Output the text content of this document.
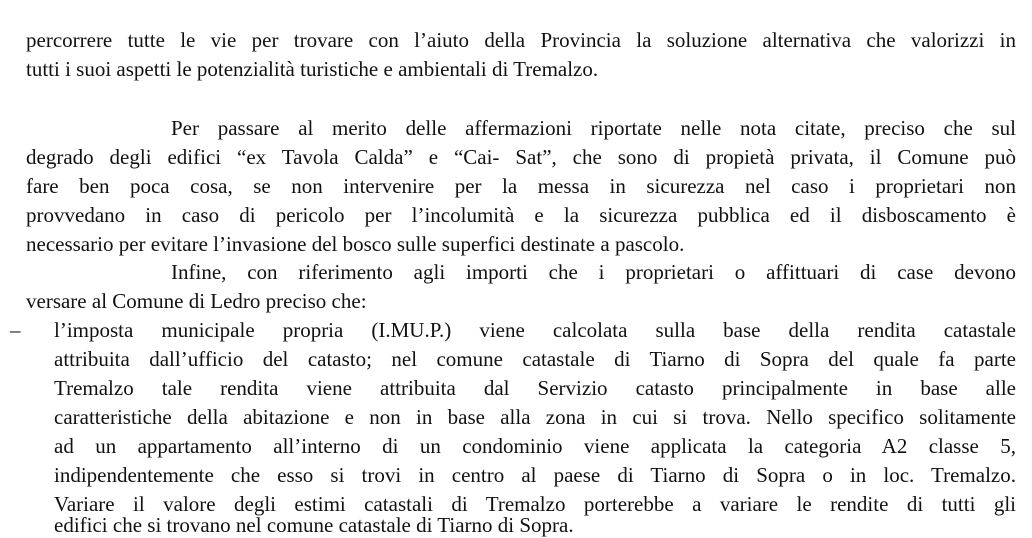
percorrere tutte le vie per trovare con l’aiuto della Provincia la soluzione alternativa che valorizzi in
tutti i suoi aspetti le potenzialità turistiche e ambientali di Tremalzo.
Per passare al merito delle affermazioni riportate nelle nota citate, preciso che sul
degrado degli edifici “ex Tavola Calda” e “Cai- Sat”, che sono di propietà privata, il Comune può
fare ben poca cosa, se non intervenire per la messa in sicurezza nel caso i proprietari non
provvedano in caso di pericolo per l’incolumità e la sicurezza pubblica ed il disboscamento è
necessario per evitare l’invasione del bosco sulle superfici destinate a pascolo.
Infine, con riferimento agli importi che i proprietari o affittuari di case devono
versare al Comune di Ledro preciso che:
– l’imposta municipale propria (I.MU.P.) viene calcolata sulla base della rendita catastale
attribuita dall’ufficio del catasto; nel comune catastale di Tiarno di Sopra del quale fa parte
Tremalzo tale rendita viene attribuita dal Servizio catasto principalmente in base alle
caratteristiche della abitazione e non in base alla zona in cui si trova. Nello specifico solitamente
ad un appartamento all’interno di un condominio viene applicata la categoria A2 classe 5,
indipendentemente che esso si trovi in centro al paese di Tiarno di Sopra o in loc. Tremalzo.
Variare il valore degli estimi catastali di Tremalzo porterebbe a variare le rendite di tutti gli
edifici che si trovano nel comune catastale di Tiarno di Sopra.
